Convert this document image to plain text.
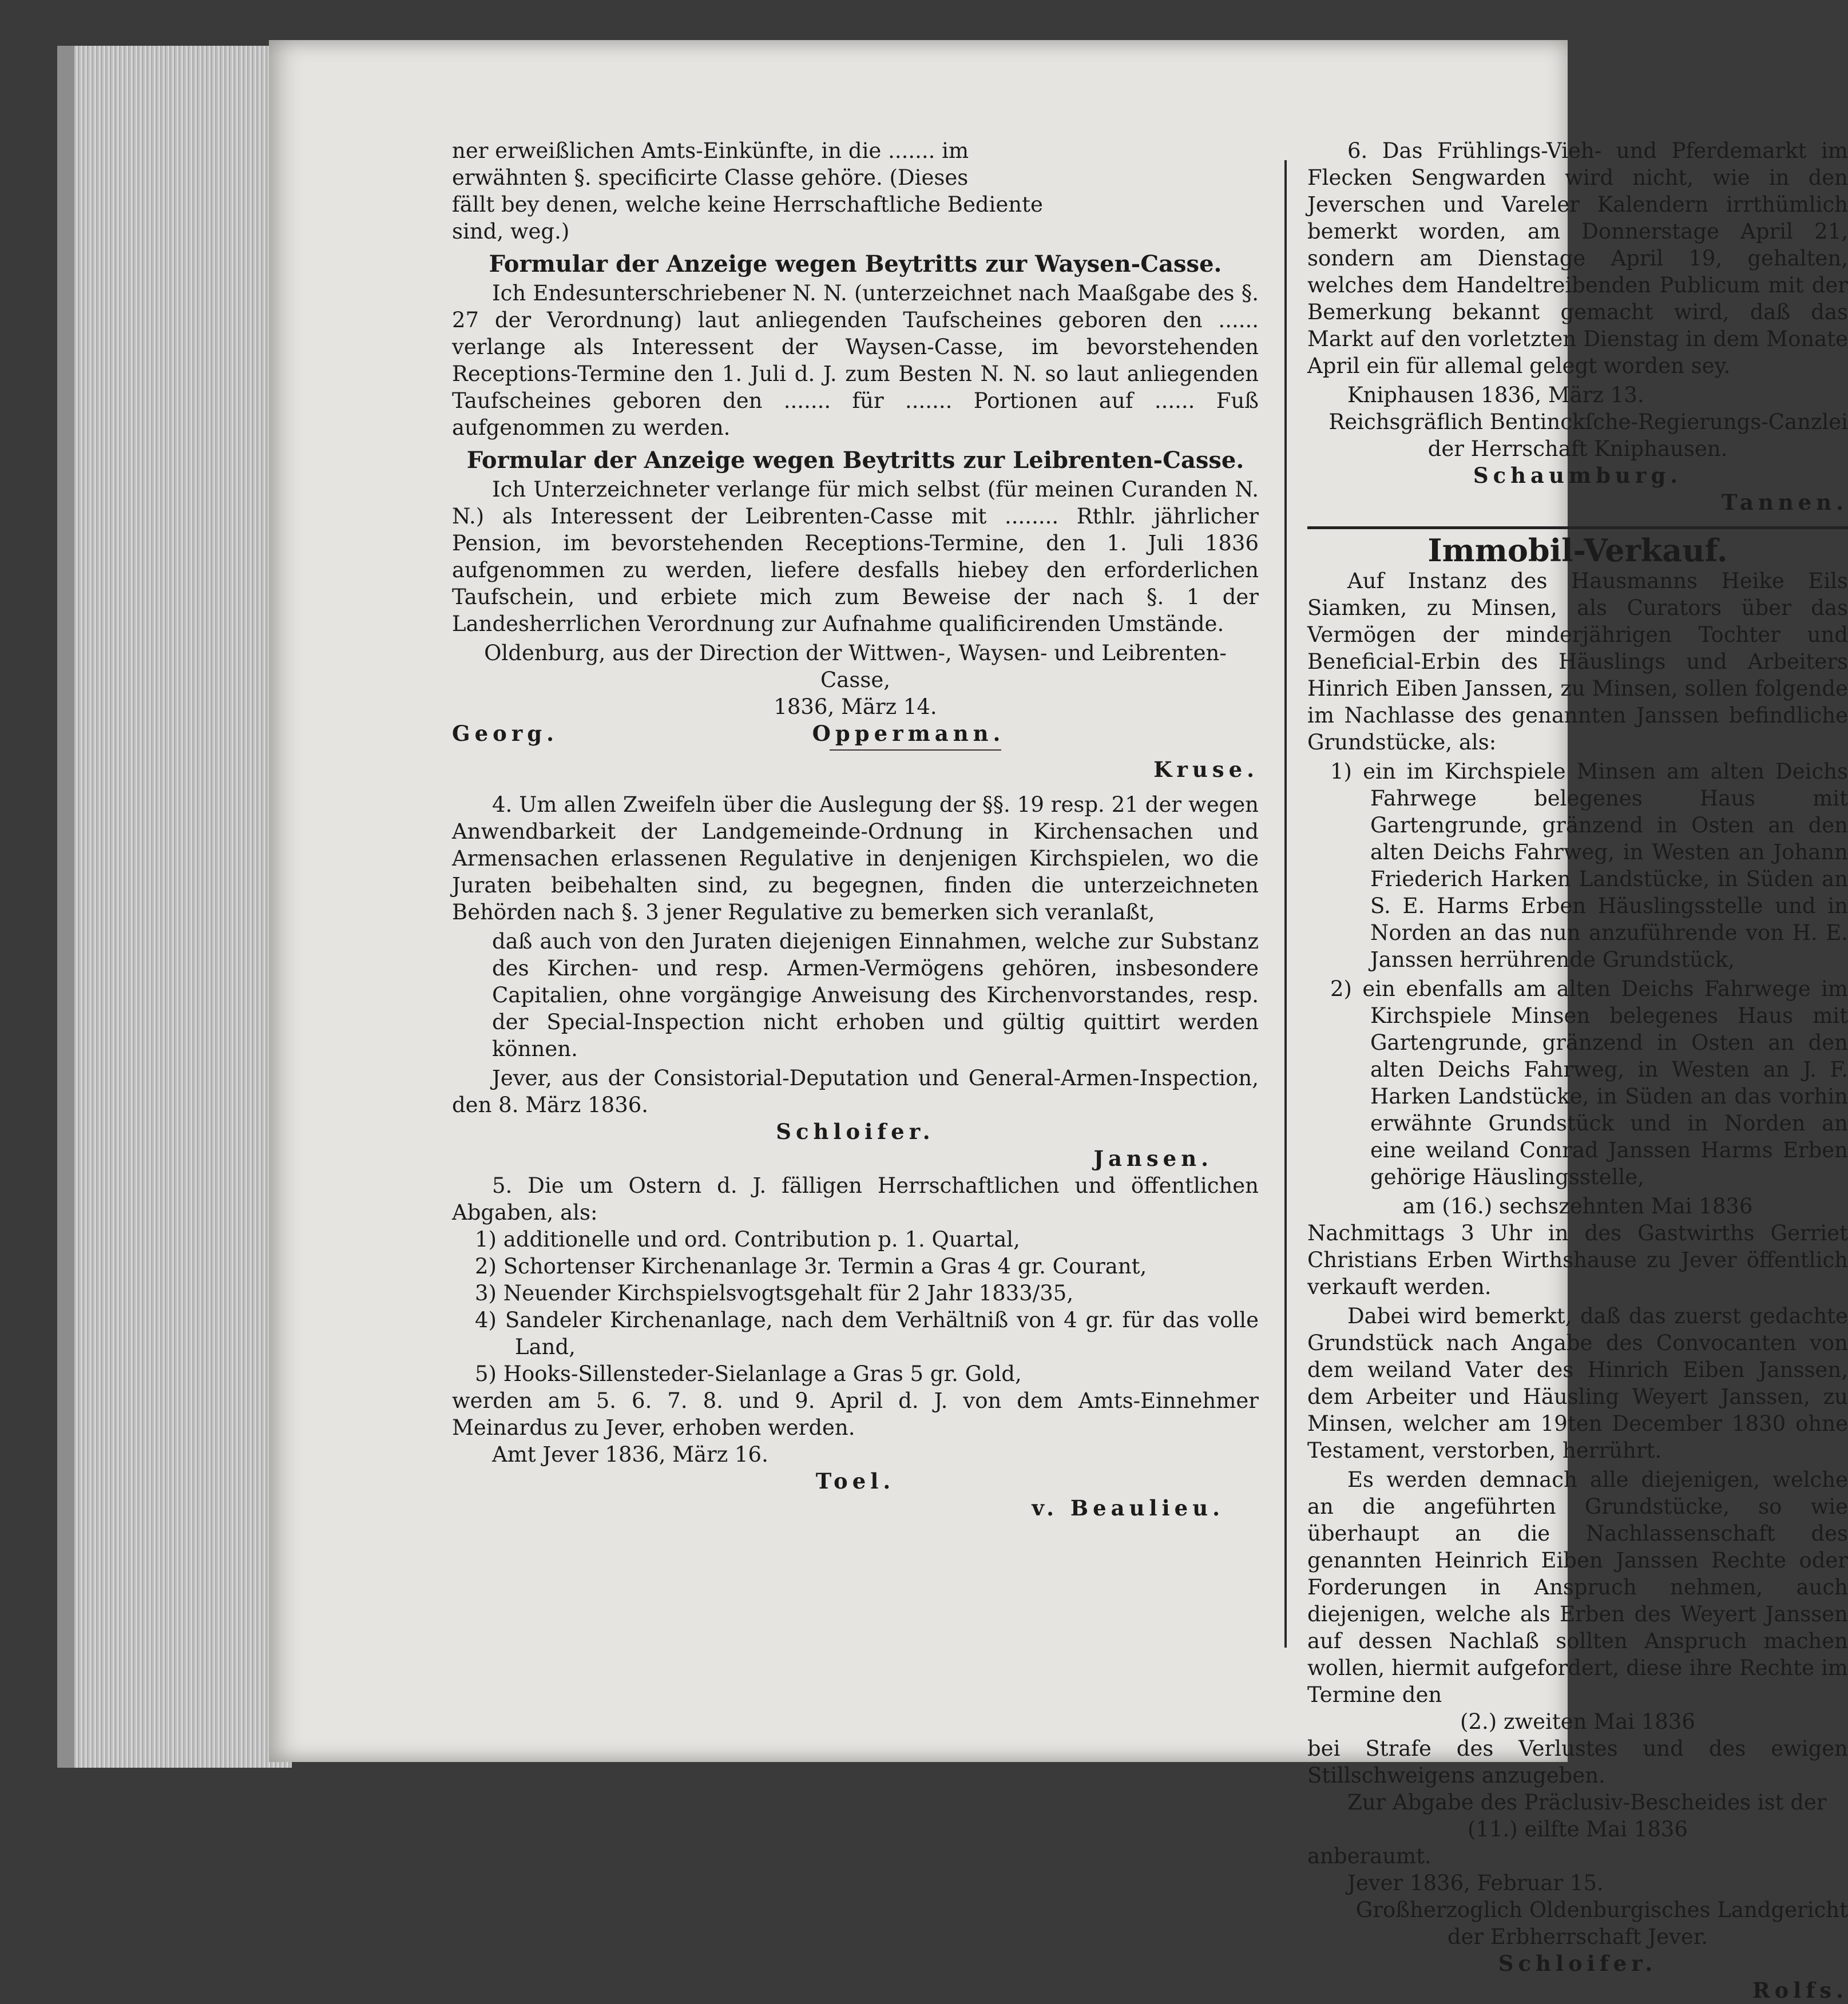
ner erweißlichen Amts-Einkünfte, in die ....... im

erwähnten §. specificirte Classe gehöre. (Dieses

fällt bey denen, welche keine Herrschaftliche Bediente

sind, weg.)

Formular der Anzeige wegen Beytritts zur Waysen-Casse.

Ich Endesunterschriebener N. N. (unterzeichnet nach Maaßgabe des §. 27 der Verordnung) laut anliegenden Taufscheines geboren den ...... verlange als Interessent der Waysen-Casse, im bevorstehenden Receptions-Termine den 1. Juli d. J. zum Besten N. N. so laut anliegenden Taufscheines geboren den ....... für ....... Portionen auf ...... Fuß aufgenommen zu werden.

Formular der Anzeige wegen Beytritts zur Leibrenten-Casse.

Ich Unterzeichneter verlange für mich selbst (für meinen Curanden N. N.) als Interessent der Leibrenten-Casse mit ........ Rthlr. jährlicher Pension, im bevorstehenden Receptions-Termine, den 1. Juli 1836 aufgenommen zu werden, liefere desfalls hiebey den erforderlichen Taufschein, und erbiete mich zum Beweise der nach §. 1 der Landesherrlichen Verordnung zur Aufnahme qualificirenden Umstände.

Oldenburg, aus der Direction der Wittwen-, Waysen- und Leibrenten-Casse,

1836, März 14.

Georg.	Oppermann.

Kruse.

4. Um allen Zweifeln über die Auslegung der §§. 19 resp. 21 der wegen Anwendbarkeit der Landgemeinde-Ordnung in Kirchensachen und Armensachen erlassenen Regulative in denjenigen Kirchspielen, wo die Juraten beibehalten sind, zu begegnen, finden die unterzeichneten Behörden nach §. 3 jener Regulative zu bemerken sich veranlaßt,

daß auch von den Juraten diejenigen Einnahmen, welche zur Substanz des Kirchen- und resp. Armen-Vermögens gehören, insbesondere Capitalien, ohne vorgängige Anweisung des Kirchenvorstandes, resp. der Special-Inspection nicht erhoben und gültig quittirt werden können.

Jever, aus der Consistorial-Deputation und General-Armen-Inspection, den 8. März 1836.

Schloifer.

Jansen.

5. Die um Ostern d. J. fälligen Herrschaftlichen und öffentlichen Abgaben, als:

1) additionelle und ord. Contribution p. 1. Quartal,

2) Schortenser Kirchenanlage 3r. Termin a Gras 4 gr. Courant,

3) Neuender Kirchspielsvogtsgehalt für 2 Jahr 1833/35,

4) Sandeler Kirchenanlage, nach dem Verhältniß von 4 gr. für das volle Land,

5) Hooks-Sillensteder-Sielanlage a Gras 5 gr. Gold,

werden am 5. 6. 7. 8. und 9. April d. J. von dem Amts-Einnehmer Meinardus zu Jever, erhoben werden.

Amt Jever 1836, März 16.

Toel.

v. Beaulieu.

6. Das Frühlings-Vieh- und Pferdemarkt im Flecken Sengwarden wird nicht, wie in den Jeverschen und Vareler Kalendern irrthümlich bemerkt worden, am Donnerstage April 21, sondern am Dienstage April 19, gehalten, welches dem Handeltreibenden Publicum mit der Bemerkung bekannt gemacht wird, daß das Markt auf den vorletzten Dienstag in dem Monate April ein für allemal gelegt worden sey.

Kniphausen 1836, März 13.

Reichsgräflich Bentinckſche-Regierungs-Canzlei

der Herrschaft Kniphausen.

Schaumburg.

Tannen.

Immobil-Verkauf.

Auf Instanz des Hausmanns Heike Eils Siamken, zu Minsen, als Curators über das Vermögen der minderjährigen Tochter und Beneficial-Erbin des Häuslings und Arbeiters Hinrich Eiben Janssen, zu Minsen, sollen folgende im Nachlasse des genannten Janssen befindliche Grundstücke, als:

1) ein im Kirchspiele Minsen am alten Deichs Fahrwege belegenes Haus mit Gartengrunde, gränzend in Osten an den alten Deichs Fahrweg, in Westen an Johann Friederich Harken Landstücke, in Süden an S. E. Harms Erben Häuslingsstelle und in Norden an das nun anzuführende von H. E. Janssen herrührende Grundstück,

2) ein ebenfalls am alten Deichs Fahrwege im Kirchspiele Minsen belegenes Haus mit Gartengrunde, gränzend in Osten an den alten Deichs Fahrweg, in Westen an J. F. Harken Landstücke, in Süden an das vorhin erwähnte Grundstück und in Norden an eine weiland Conrad Janssen Harms Erben gehörige Häuslingsstelle,

am (16.) sechszehnten Mai 1836

Nachmittags 3 Uhr in des Gastwirths Gerriet Christians Erben Wirthshause zu Jever öffentlich verkauft werden.

Dabei wird bemerkt, daß das zuerst gedachte Grundstück nach Angabe des Convocanten von dem weiland Vater des Hinrich Eiben Janssen, dem Arbeiter und Häusling Weyert Janssen, zu Minsen, welcher am 19ten December 1830 ohne Testament, verstorben, herrührt.

Es werden demnach alle diejenigen, welche an die angeführten Grundstücke, so wie überhaupt an die Nachlassenschaft des genannten Heinrich Eiben Janssen Rechte oder Forderungen in Anspruch nehmen, auch diejenigen, welche als Erben des Weyert Janssen auf dessen Nachlaß sollten Anspruch machen wollen, hiermit aufgefordert, diese ihre Rechte im Termine den

(2.) zweiten Mai 1836

bei Strafe des Verlustes und des ewigen Stillschweigens anzugeben.

Zur Abgabe des Präclusiv-Bescheides ist der

(11.) eilfte Mai 1836

anberaumt.

Jever 1836, Februar 15.

Großherzoglich Oldenburgisches Landgericht

der Erbherrschaft Jever.

Schloifer.

Rolfs.
